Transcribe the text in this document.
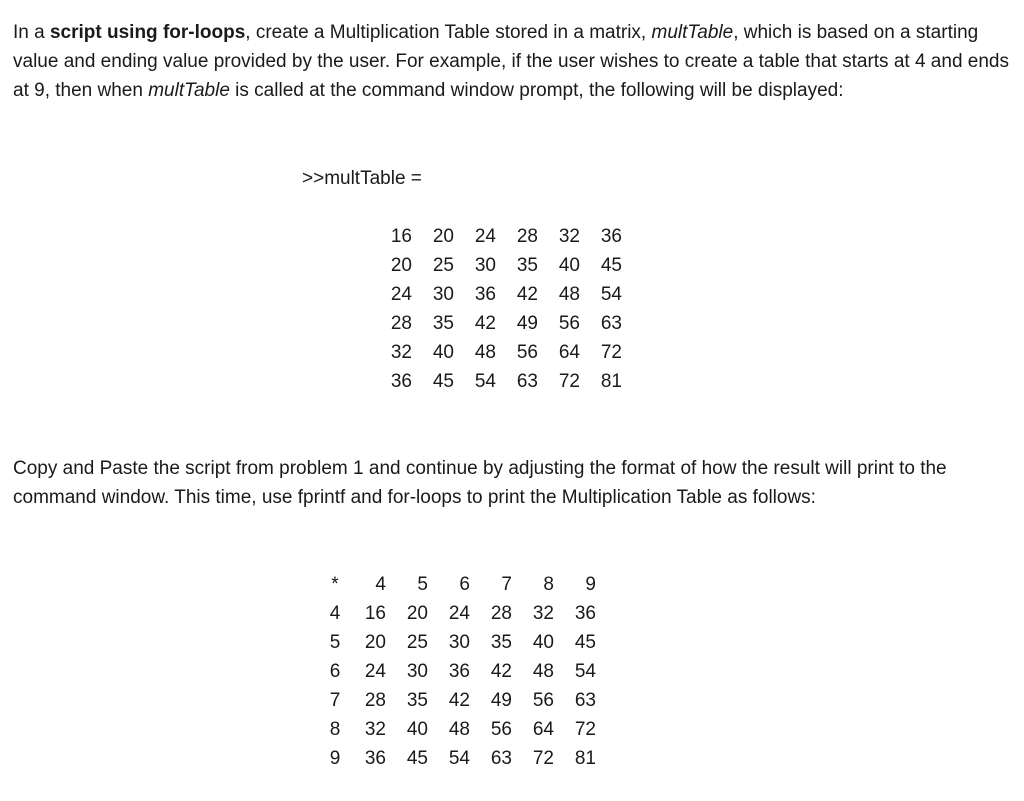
In a script using for-loops, create a Multiplication Table stored in a matrix, multTable, which is based on a starting value and ending value provided by the user. For example, if the user wishes to create a table that starts at 4 and ends at 9, then when multTable is called at the command window prompt, the following will be displayed:

>>multTable =
16	20	24	28	32	36
20	25	30	35	40	45
24	30	36	42	48	54
28	35	42	49	56	63
32	40	48	56	64	72
36	45	54	63	72	81

Copy and Paste the script from problem 1 and continue by adjusting the format of how the result will print to the command window. This time, use fprintf and for-loops to print the Multiplication Table as follows:

*	4	5	6	7	8	9
4	16	20	24	28	32	36
5	20	25	30	35	40	45
6	24	30	36	42	48	54
7	28	35	42	49	56	63
8	32	40	48	56	64	72
9	36	45	54	63	72	81
